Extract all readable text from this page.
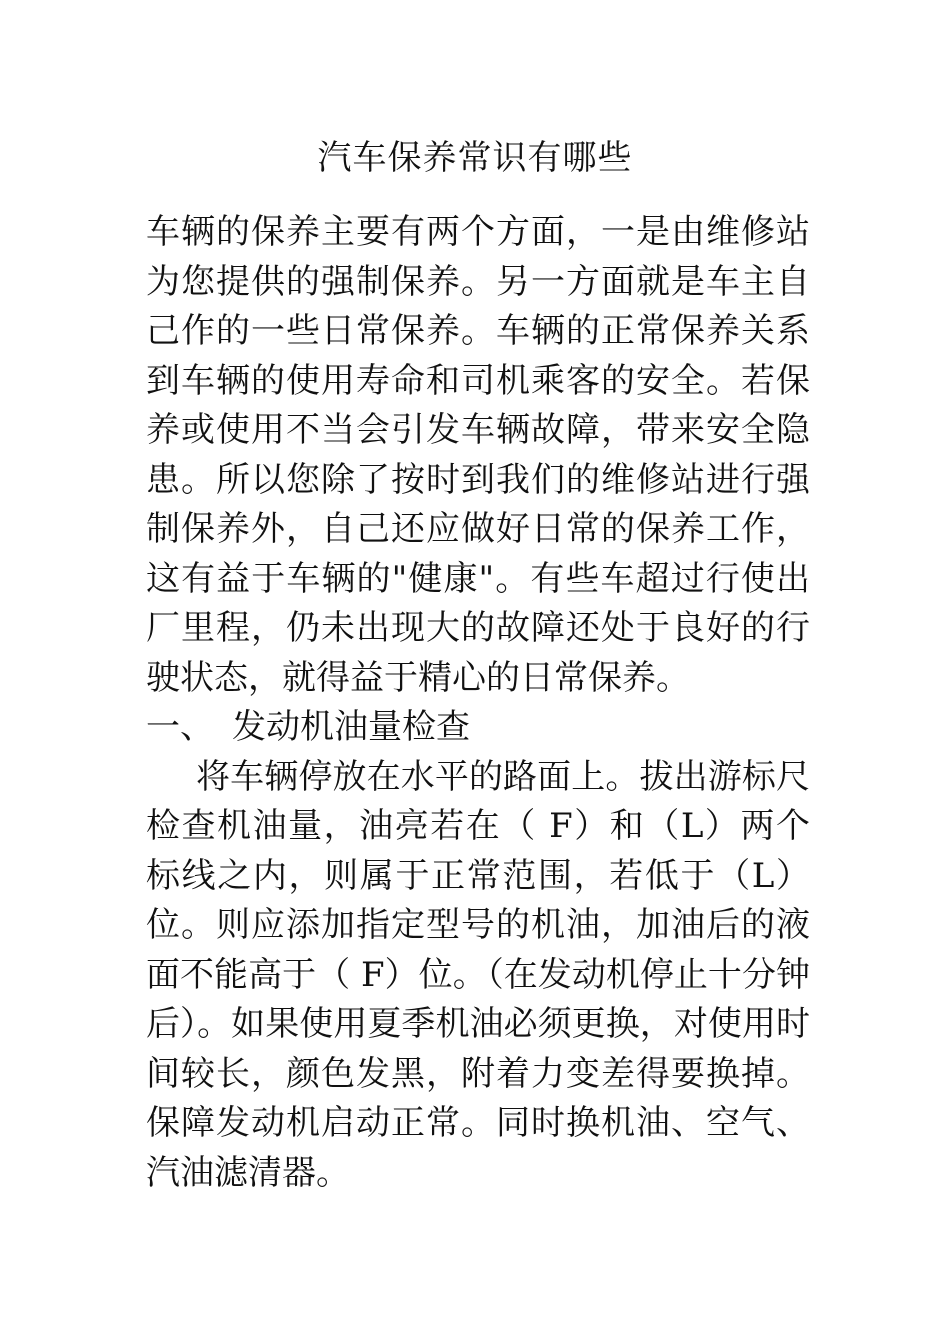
汽车保养常识有哪些

车辆的保养主要有两个方面，一是由维修站为您提供的强制保养。另一方面就是车主自己作的一些日常保养。车辆的正常保养关系到车辆的使用寿命和司机乘客的安全。若保养或使用不当会引发车辆故障，带来安全隐患。所以您除了按时到我们的维修站进行强制保养外，自己还应做好日常的保养工作，这有益于车辆的"健康"。有些车超过行使出厂里程，仍未出现大的故障还处于良好的行驶状态，就得益于精心的日常保养。

一、 发动机油量检查

将车辆停放在水平的路面上。拔出游标尺检查机油量，油亮若在（ F）和（L）两个标线之内，则属于正常范围，若低于（L）位。则应添加指定型号的机油，加油后的液面不能高于（ F）位。（在发动机停止十分钟后）。如果使用夏季机油必须更换，对使用时间较长，颜色发黑，附着力变差得要换掉。保障发动机启动正常。同时换机油、空气、汽油滤清器。
